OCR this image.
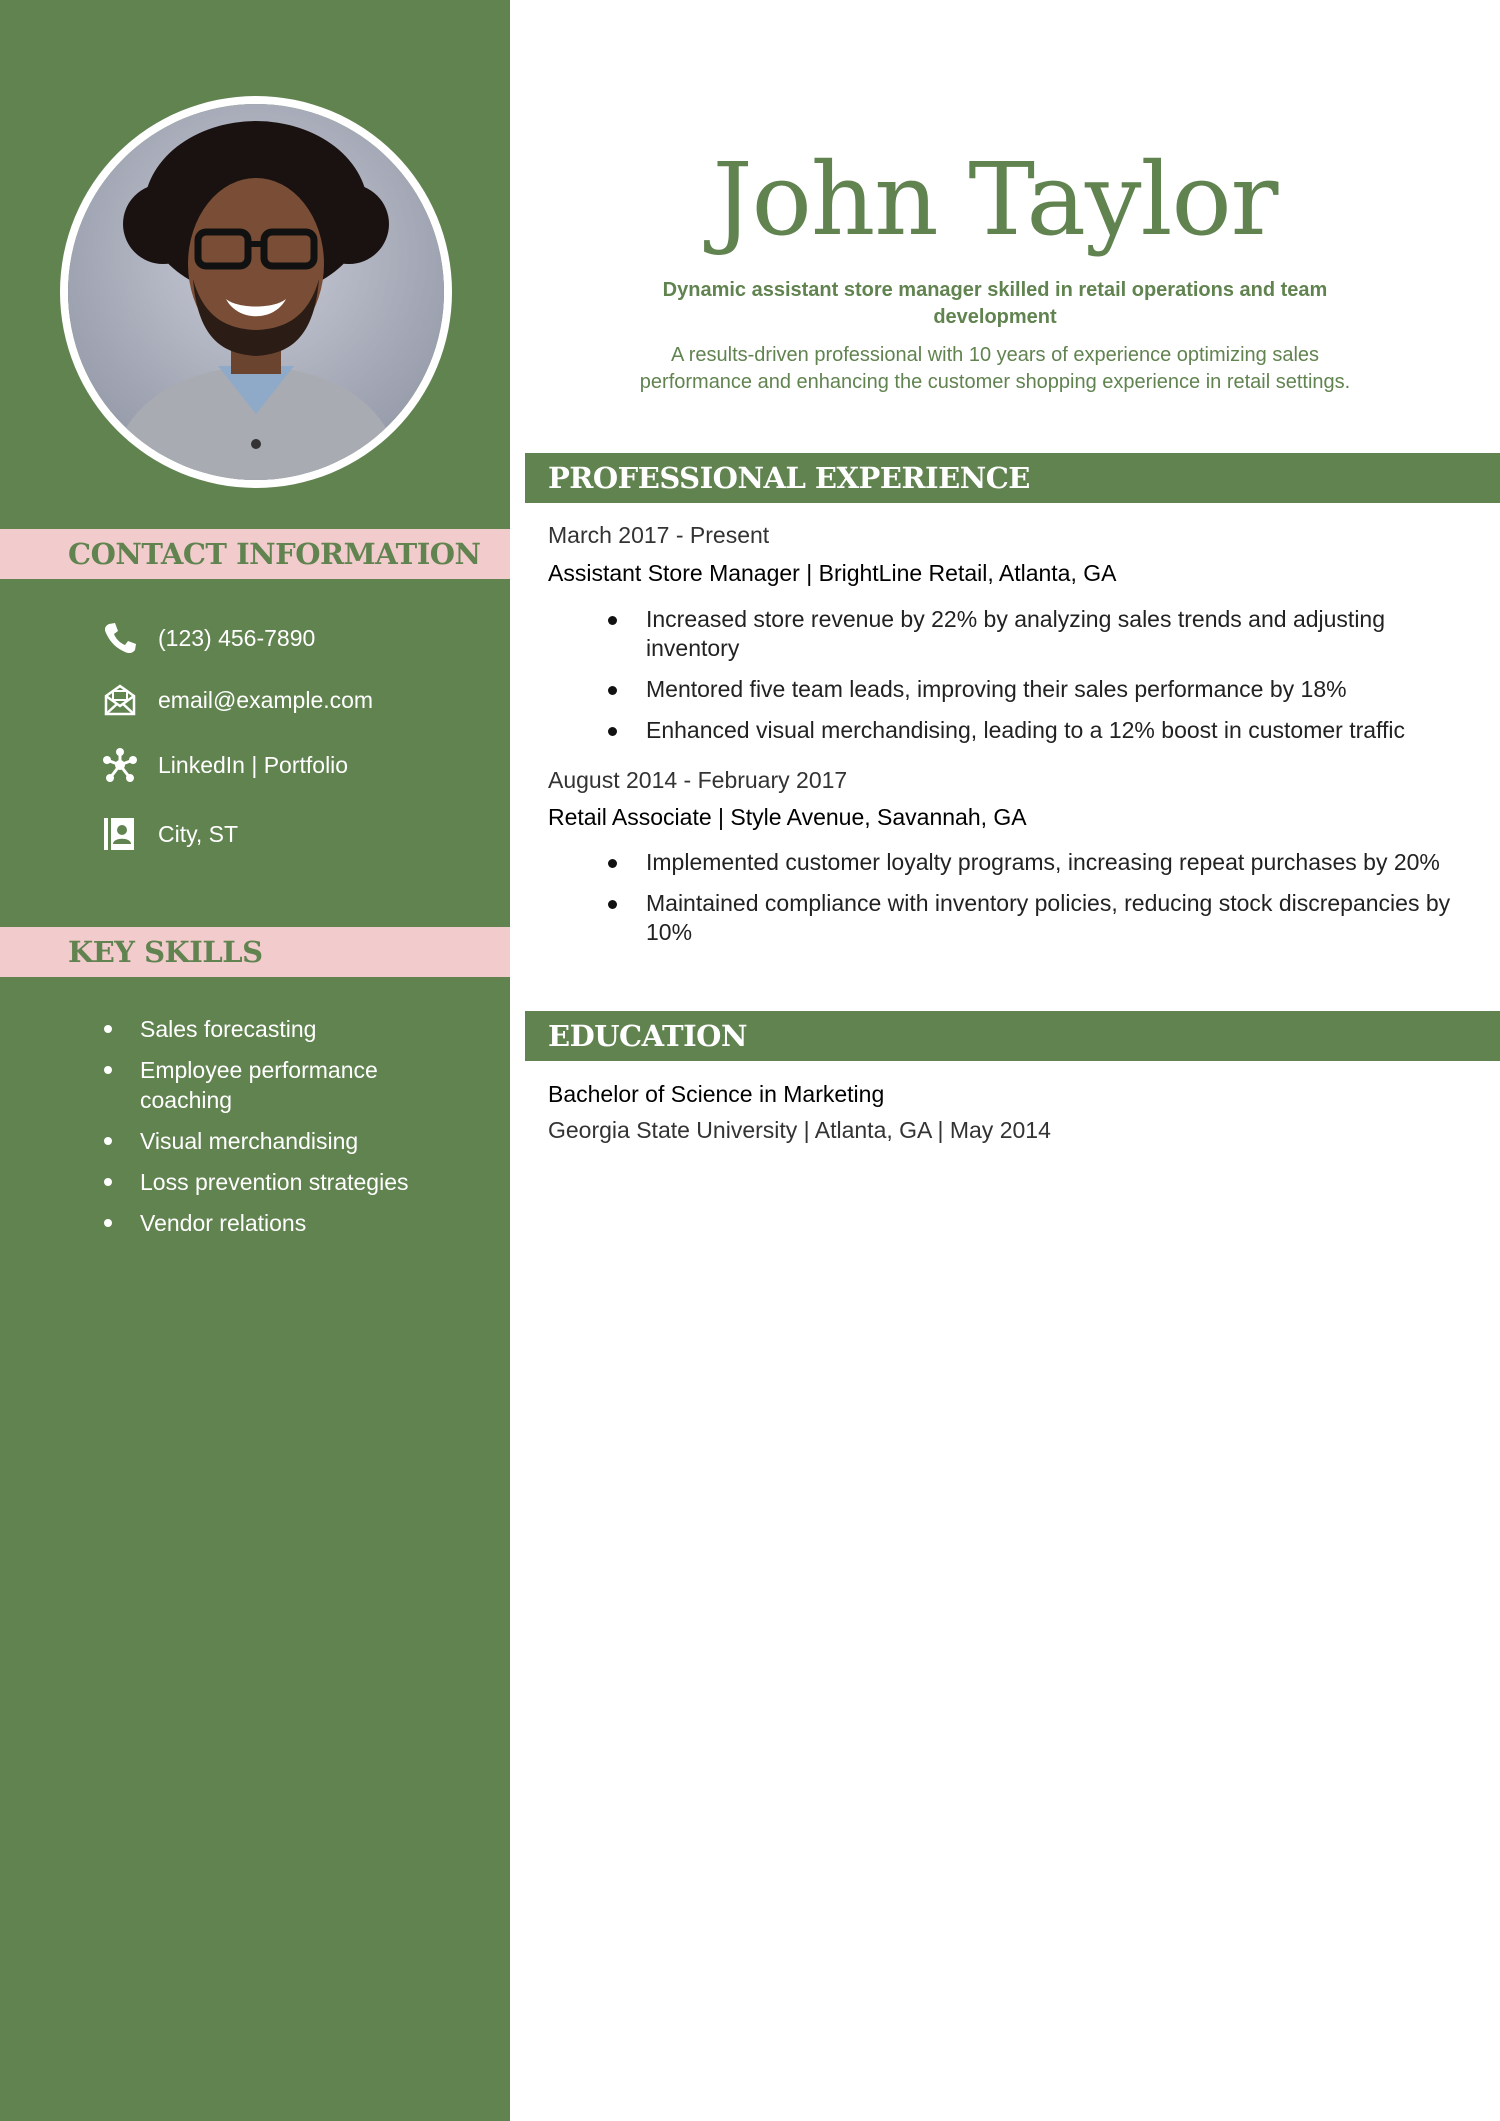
CONTACT INFORMATION
(123) 456-7890
email@example.com
LinkedIn | Portfolio
City, ST
KEY SKILLS
Sales forecasting
Employee performance coaching
Visual merchandising
Loss prevention strategies
Vendor relations
John Taylor
Dynamic assistant store manager skilled in retail operations and team development
A results-driven professional with 10 years of experience optimizing sales performance and enhancing the customer shopping experience in retail settings.
PROFESSIONAL EXPERIENCE
March 2017 - Present
Assistant Store Manager | BrightLine Retail, Atlanta, GA
Increased store revenue by 22% by analyzing sales trends and adjusting inventory
Mentored five team leads, improving their sales performance by 18%
Enhanced visual merchandising, leading to a 12% boost in customer traffic
August 2014 - February 2017
Retail Associate | Style Avenue, Savannah, GA
Implemented customer loyalty programs, increasing repeat purchases by 20%
Maintained compliance with inventory policies, reducing stock discrepancies by 10%
EDUCATION
Bachelor of Science in Marketing
Georgia State University | Atlanta, GA | May 2014
